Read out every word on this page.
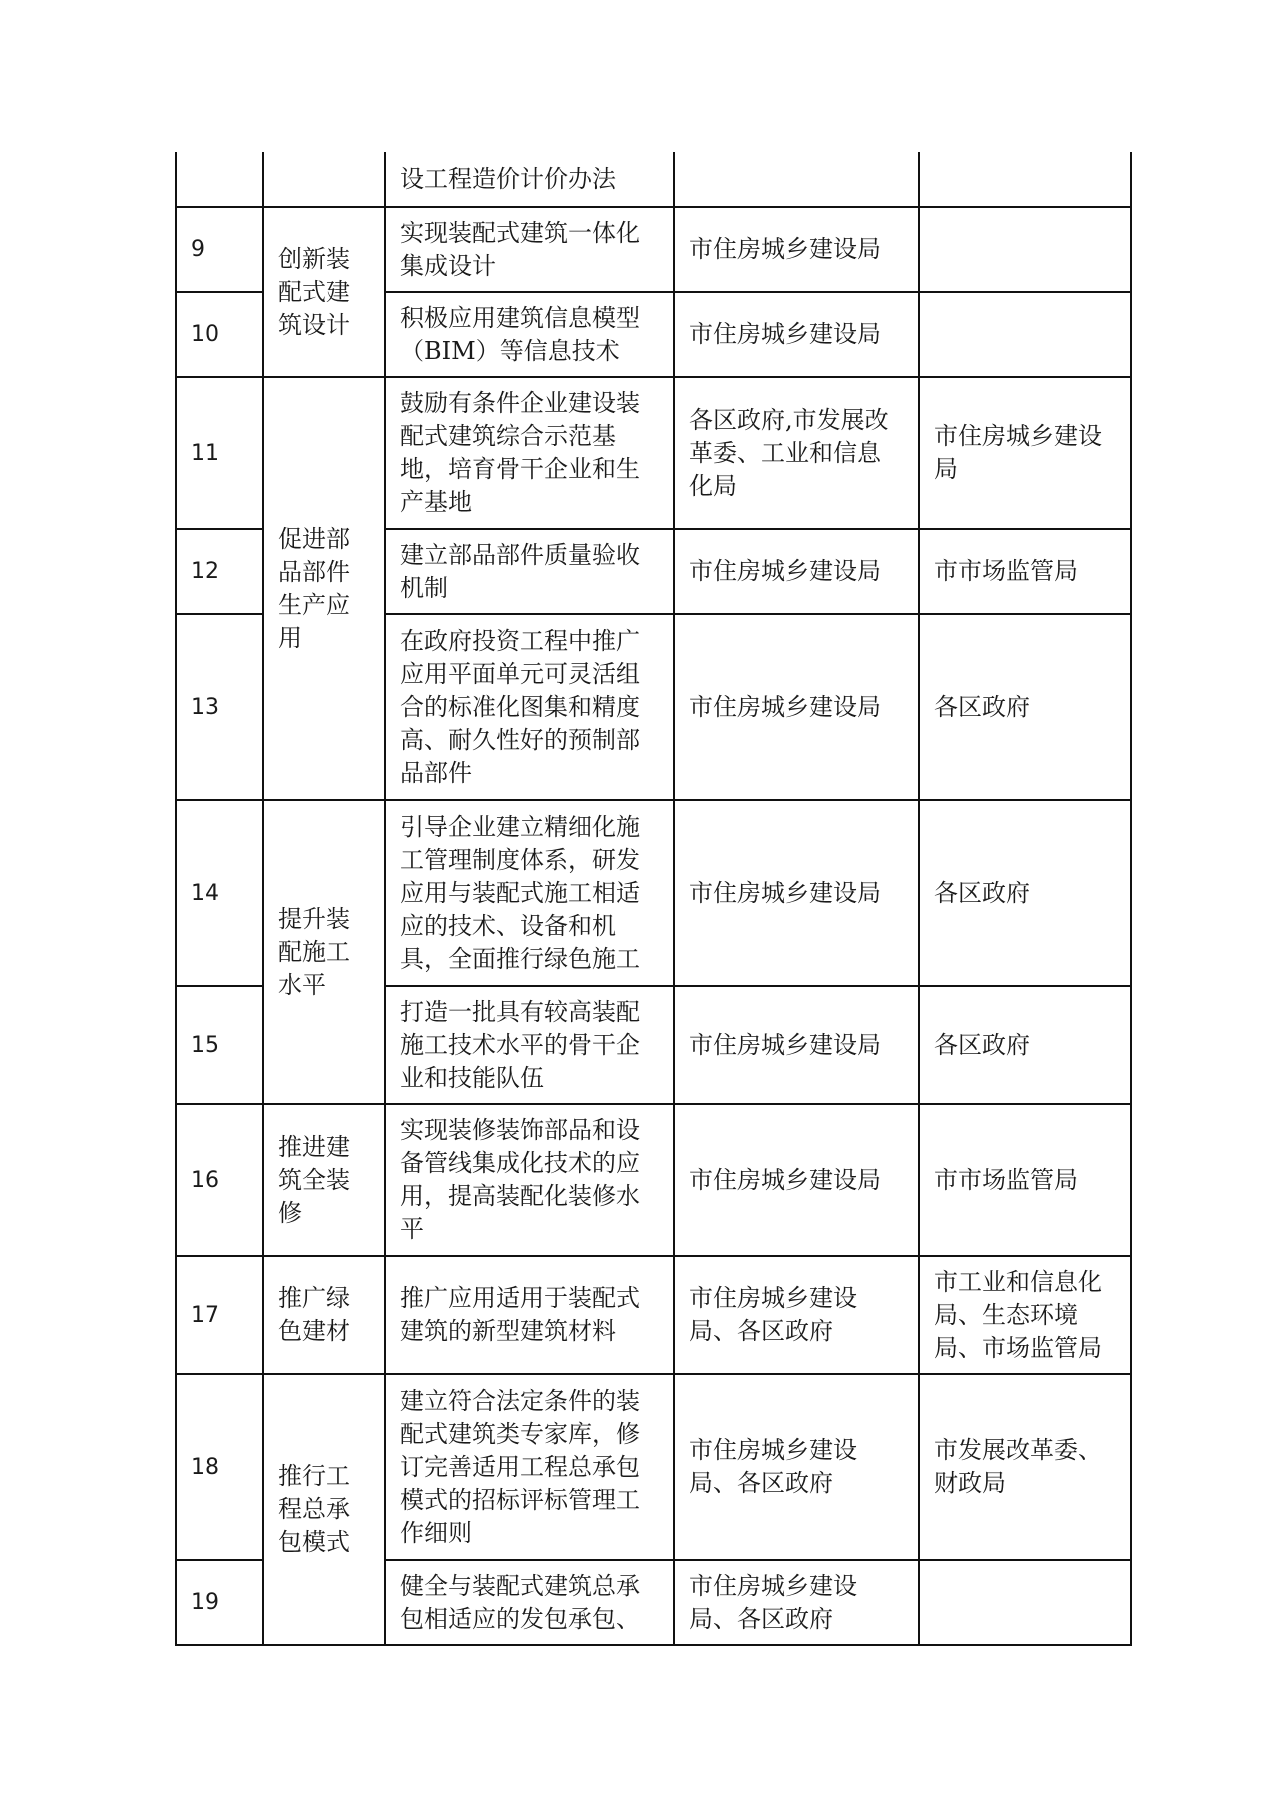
		设工程造价计价办法		
9	创新装配式建筑设计	实现装配式建筑一体化集成设计	市住房城乡建设局	
10		积极应用建筑信息模型（BIM）等信息技术	市住房城乡建设局	
11	促进部品部件生产应用	鼓励有条件企业建设装配式建筑综合示范基地，培育骨干企业和生产基地	各区政府,市发展改革委、工业和信息化局	市住房城乡建设局
12		建立部品部件质量验收机制	市住房城乡建设局	市市场监管局
13		在政府投资工程中推广应用平面单元可灵活组合的标准化图集和精度高、耐久性好的预制部品部件	市住房城乡建设局	各区政府
14	提升装配施工水平	引导企业建立精细化施工管理制度体系，研发应用与装配式施工相适应的技术、设备和机具，全面推行绿色施工	市住房城乡建设局	各区政府
15		打造一批具有较高装配施工技术水平的骨干企业和技能队伍	市住房城乡建设局	各区政府
16	推进建筑全装修	实现装修装饰部品和设备管线集成化技术的应用，提高装配化装修水平	市住房城乡建设局	市市场监管局
17	推广绿色建材	推广应用适用于装配式建筑的新型建筑材料	市住房城乡建设局、各区政府	市工业和信息化局、生态环境局、市场监管局
18	推行工程总承包模式	建立符合法定条件的装配式建筑类专家库，修订完善适用工程总承包模式的招标评标管理工作细则	市住房城乡建设局、各区政府	市发展改革委、财政局
19		健全与装配式建筑总承包相适应的发包承包、	市住房城乡建设局、各区政府	
